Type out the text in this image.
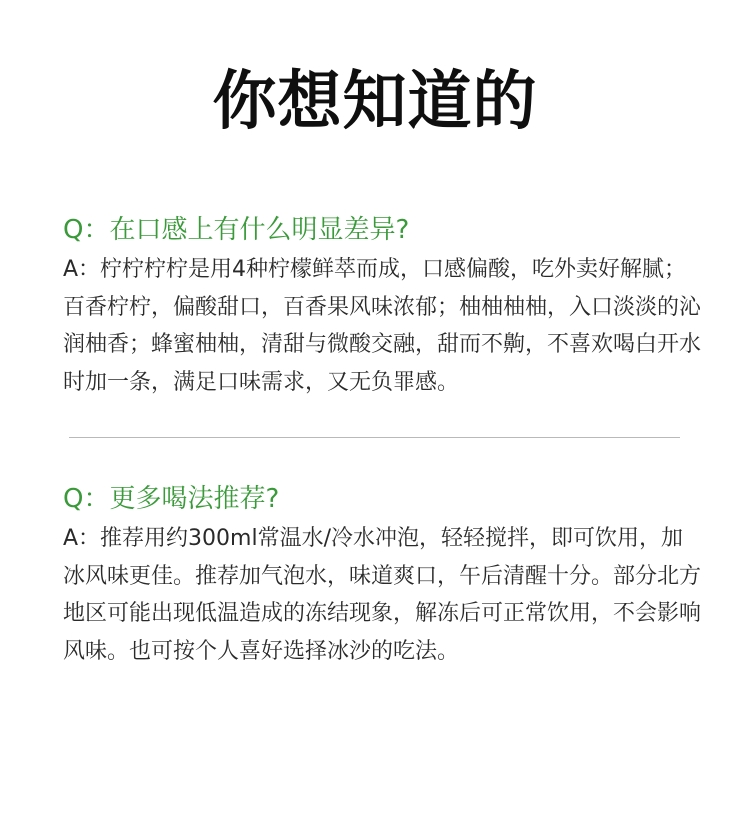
你想知道的

Q：在口感上有什么明显差异?

A：柠柠柠柠是用4种柠檬鲜萃而成，口感偏酸，吃外卖好解腻；百香柠柠，偏酸甜口，百香果风味浓郁；柚柚柚柚，入口淡淡的沁润柚香；蜂蜜柚柚，清甜与微酸交融，甜而不齁，不喜欢喝白开水时加一条，满足口味需求，又无负罪感。

Q：更多喝法推荐?

A：推荐用约300ml常温水/冷水冲泡，轻轻搅拌，即可饮用，加冰风味更佳。推荐加气泡水，味道爽口，午后清醒十分。部分北方地区可能出现低温造成的冻结现象，解冻后可正常饮用，不会影响风味。也可按个人喜好选择冰沙的吃法。
